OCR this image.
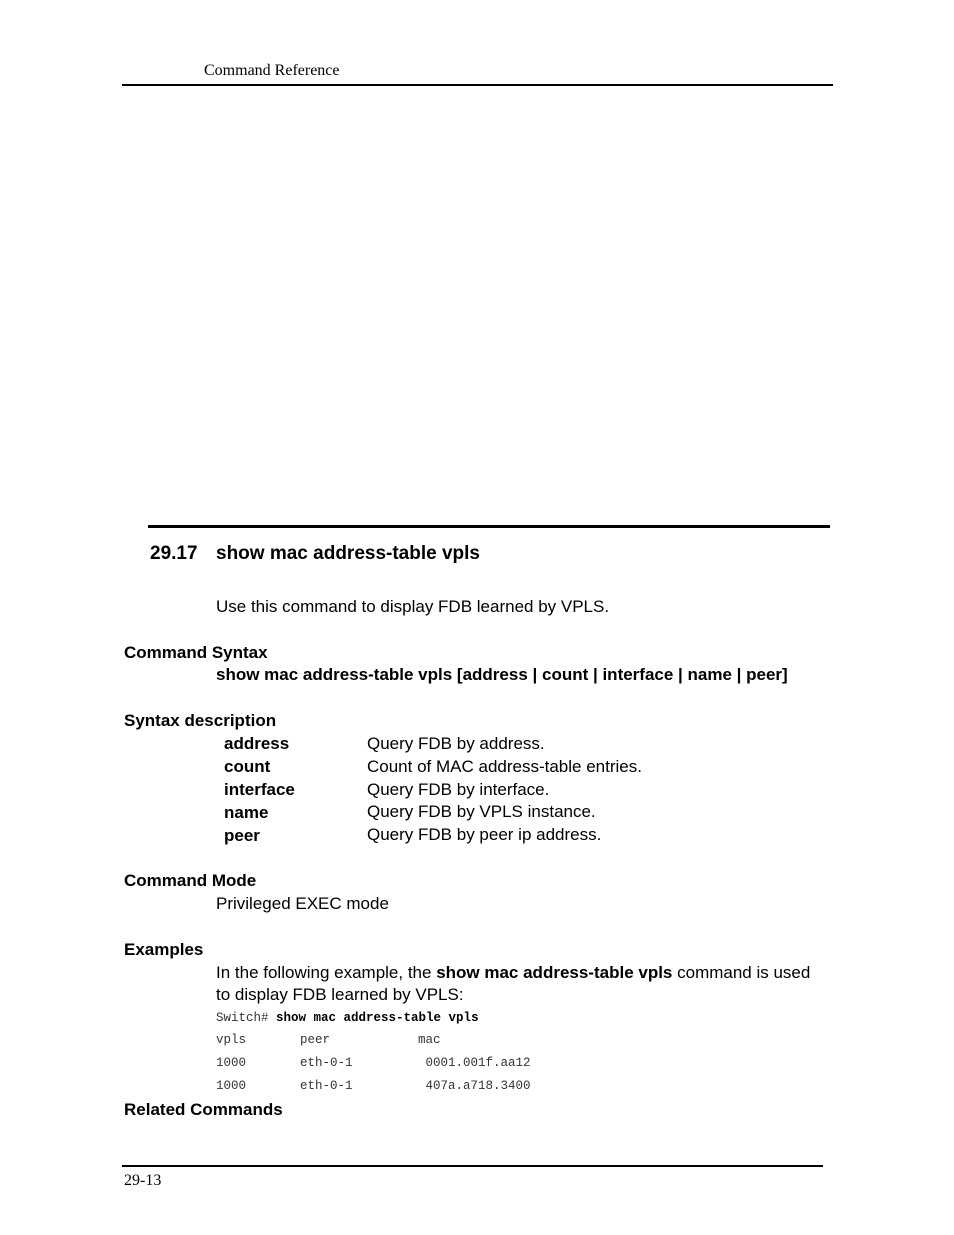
Command Reference
29.17 show mac address-table vpls
Use this command to display FDB learned by VPLS.
Command Syntax
show mac address-table vpls [address | count | interface | name | peer]
Syntax description
address	Query FDB by address.
count	Count of MAC address-table entries.
interface	Query FDB by interface.
name	Query FDB by VPLS instance.
peer	Query FDB by peer ip address.
Command Mode
Privileged EXEC mode
Examples
In the following example, the show mac address-table vpls command is used
to display FDB learned by VPLS:
Switch# show mac address-table vpls
vpls	peer	mac
1000	eth-0-1	0001.001f.aa12
1000	eth-0-1	407a.a718.3400
Related Commands
29-13
